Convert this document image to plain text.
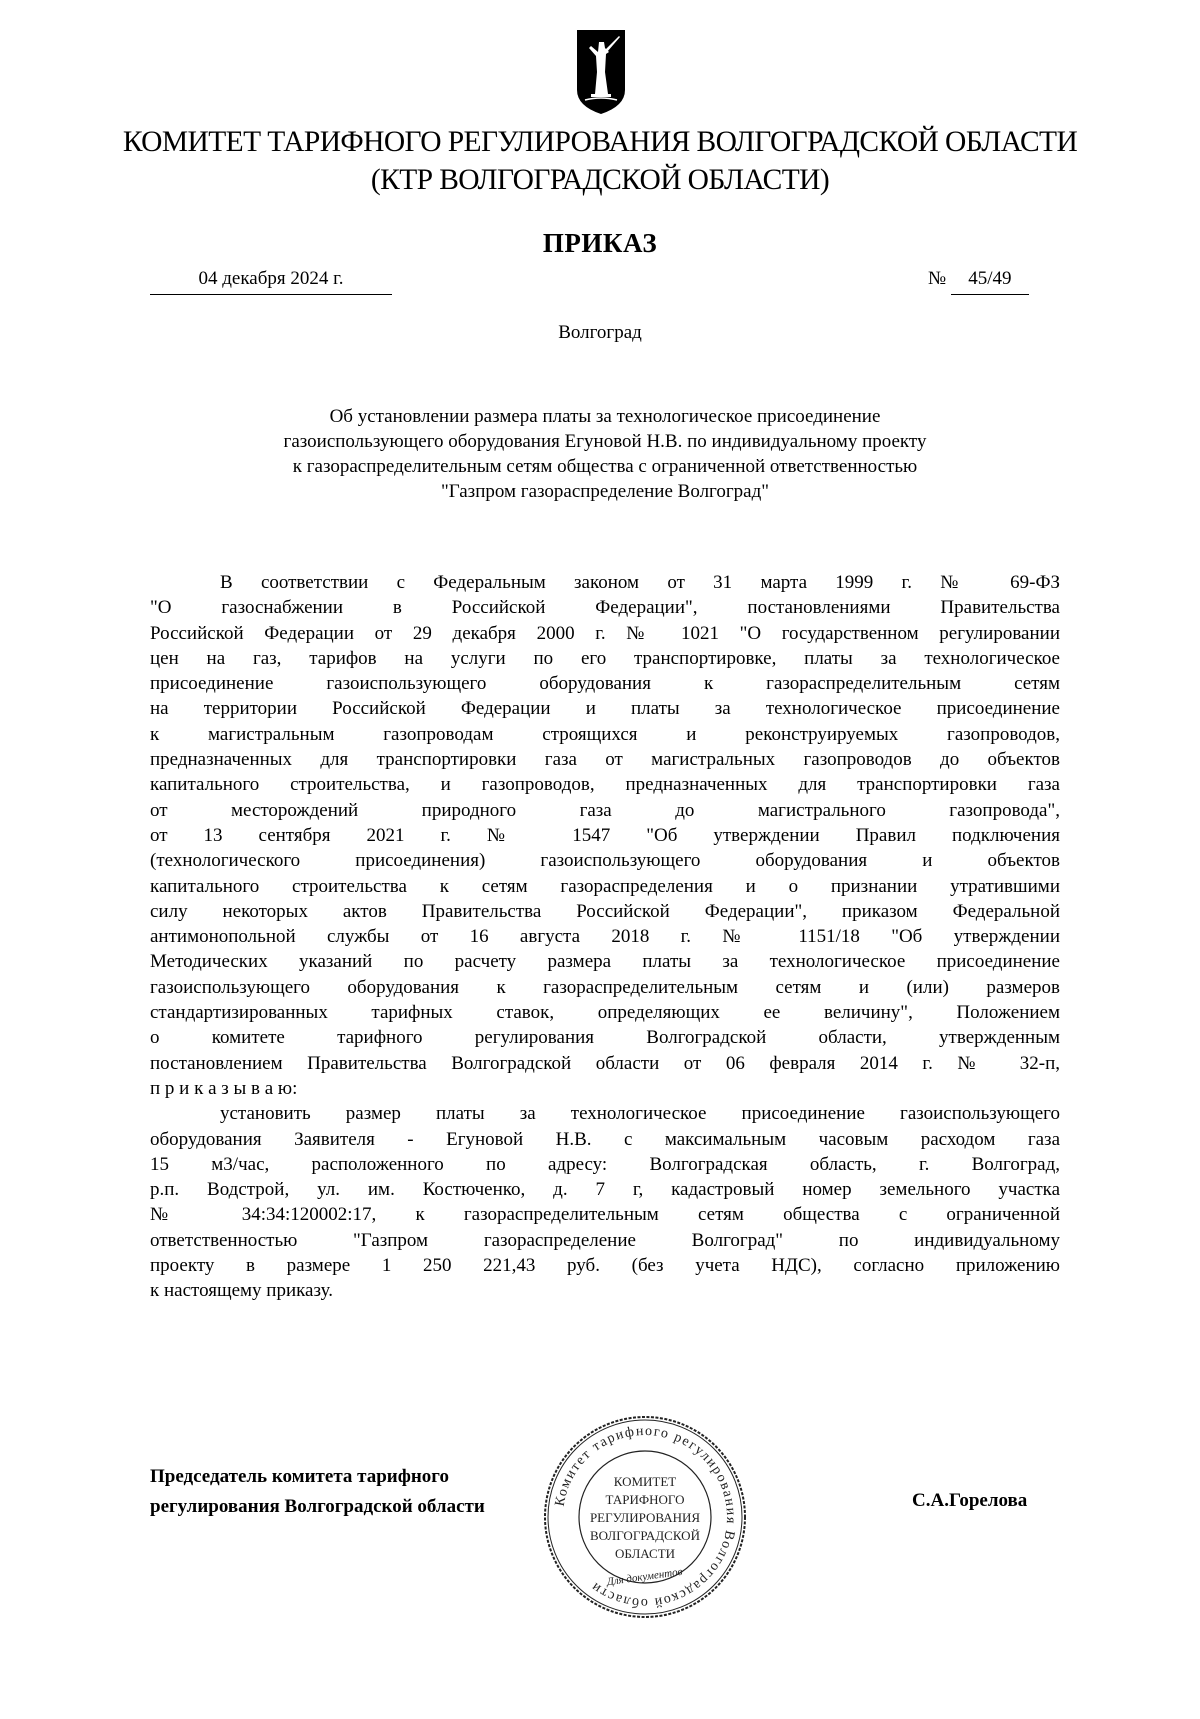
КОМИТЕТ ТАРИФНОГО РЕГУЛИРОВАНИЯ ВОЛГОГРАДСКОЙ ОБЛАСТИ
(КТР ВОЛГОГРАДСКОЙ ОБЛАСТИ)
ПРИКАЗ
04 декабря 2024 г.	№ 45/49
Волгоград
Об установлении размера платы за технологическое присоединение
газоиспользующего оборудования Егуновой Н.В. по индивидуальному проекту
к газораспределительным сетям общества с ограниченной ответственностью
"Газпром газораспределение Волгоград"
В соответствии с Федеральным законом от 31 марта 1999 г. № 69-ФЗ
"О газоснабжении в Российской Федерации", постановлениями Правительства
Российской Федерации от 29 декабря 2000 г. № 1021 "О государственном регулировании
цен на газ, тарифов на услуги по его транспортировке, платы за технологическое
присоединение газоиспользующего оборудования к газораспределительным сетям
на территории Российской Федерации и платы за технологическое присоединение
к магистральным газопроводам строящихся и реконструируемых газопроводов,
предназначенных для транспортировки газа от магистральных газопроводов до объектов
капитального строительства, и газопроводов, предназначенных для транспортировки газа
от месторождений природного газа до магистрального газопровода",
от 13 сентября 2021 г. № 1547 "Об утверждении Правил подключения
(технологического присоединения) газоиспользующего оборудования и объектов
капитального строительства к сетям газораспределения и о признании утратившими
силу некоторых актов Правительства Российской Федерации", приказом Федеральной
антимонопольной службы от 16 августа 2018 г. № 1151/18 "Об утверждении
Методических указаний по расчету размера платы за технологическое присоединение
газоиспользующего оборудования к газораспределительным сетям и (или) размеров
стандартизированных тарифных ставок, определяющих ее величину", Положением
о комитете тарифного регулирования Волгоградской области, утвержденным
постановлением Правительства Волгоградской области от 06 февраля 2014 г. № 32-п,
п р и к а з ы в а ю:
установить размер платы за технологическое присоединение газоиспользующего
оборудования Заявителя - Егуновой Н.В. с максимальным часовым расходом газа
15 м3/час, расположенного по адресу: Волгоградская область, г. Волгоград,
р.п. Водстрой, ул. им. Костюченко, д. 7 г, кадастровый номер земельного участка
№ 34:34:120002:17, к газораспределительным сетям общества с ограниченной
ответственностью "Газпром газораспределение Волгоград" по индивидуальному
проекту в размере 1 250 221,43 руб. (без учета НДС), согласно приложению
к настоящему приказу.
Председатель комитета тарифного
регулирования Волгоградской области	С.А.Горелова
Комитет тарифного регулирования Волгоградской области
КОМИТЕТ
ТАРИФНОГО
РЕГУЛИРОВАНИЯ
ВОЛГОГРАДСКОЙ
ОБЛАСТИ
Для документов
